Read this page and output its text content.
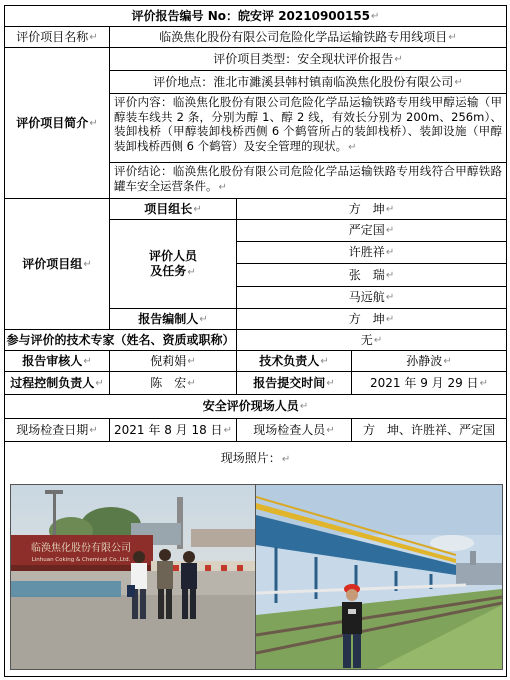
评价报告编号 No：皖安评 20210900155 ↵
评价项目名称 ↵	临涣焦化股份有限公司危险化学品运输铁路专用线项目 ↵
评价项目简介 ↵
评价项目类型：安全现状评价报告 ↵
评价地点：淮北市濉溪县韩村镇南临涣焦化股份有限公司 ↵
评价内容：临涣焦化股份有限公司危险化学品运输铁路专用线甲醇运输（甲醇装车线共 2 条，分别为醇 1、醇 2 线，有效长分别为 200m、256m）、装卸栈桥（甲醇装卸栈桥西侧 6 个鹤管所占的装卸栈桥）、装卸设施（甲醇装卸栈桥西侧 6 个鹤管）及安全管理的现状。↵
评价结论：临涣焦化股份有限公司危险化学品运输铁路专用线符合甲醇铁路罐车安全运营条件。↵
评价项目组 ↵
项目组长 ↵	方　坤 ↵
评价人员
及任务↵
严定国 ↵
许胜祥 ↵
张　瑞 ↵
马远航 ↵
报告编制人 ↵	方　坤 ↵
参与评价的技术专家（姓名、资质或职称）	无 ↵
报告审核人 ↵	倪莉娟 ↵	技术负责人 ↵	孙静波 ↵
过程控制负责人 ↵	陈　宏 ↵	报告提交时间 ↵	2021 年 9 月 29 日 ↵
安全评价现场人员 ↵
现场检查日期 ↵ 2021 年 8 月 18 日 ↵ 现场检查人员 ↵ 方　坤、许胜祥、严定国
现场照片：↵
临涣焦化股份有限公司
Linhuan Coking & Chemical Co.,Ltd.
